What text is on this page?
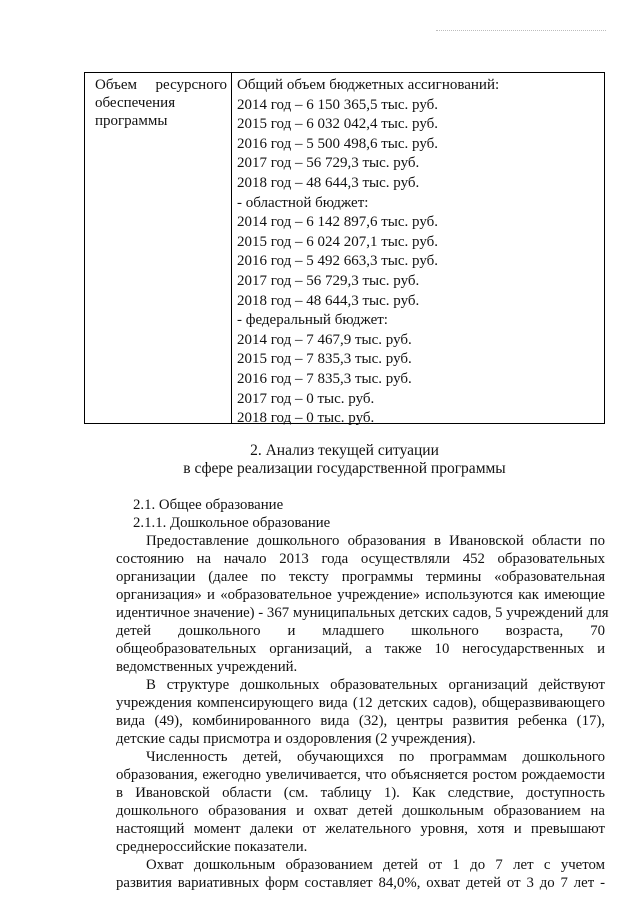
Объем ресурсного
обеспечения
программы
Общий объем бюджетных ассигнований:
2014 год – 6 150 365,5 тыс. руб.
2015 год – 6 032 042,4 тыс. руб.
2016 год – 5 500 498,6 тыс. руб.
2017 год – 56 729,3 тыс. руб.
2018 год – 48 644,3 тыс. руб.
- областной бюджет:
2014 год – 6 142 897,6 тыс. руб.
2015 год – 6 024 207,1 тыс. руб.
2016 год – 5 492 663,3 тыс. руб.
2017 год – 56 729,3 тыс. руб.
2018 год – 48 644,3 тыс. руб.
- федеральный бюджет:
2014 год – 7 467,9 тыс. руб.
2015 год – 7 835,3 тыс. руб.
2016 год – 7 835,3 тыс. руб.
2017 год – 0 тыс. руб.
2018 год – 0 тыс. руб.
2. Анализ текущей ситуации
в сфере реализации государственной программы
2.1. Общее образование
2.1.1. Дошкольное образование
Предоставление дошкольного образования в Ивановской области по
состоянию на начало 2013 года осуществляли 452 образовательных
организации (далее по тексту программы термины «образовательная
организация» и «образовательное учреждение» используются как имеющие
идентичное значение) - 367 муниципальных детских садов, 5 учреждений для
детей дошкольного и младшего школьного возраста, 70
общеобразовательных организаций, а также 10 негосударственных и
ведомственных учреждений.
В структуре дошкольных образовательных организаций действуют
учреждения компенсирующего вида (12 детских садов), общеразвивающего
вида (49), комбинированного вида (32), центры развития ребенка (17),
детские сады присмотра и оздоровления (2 учреждения).
Численность детей, обучающихся по программам дошкольного
образования, ежегодно увеличивается, что объясняется ростом рождаемости
в Ивановской области (см. таблицу 1). Как следствие, доступность
дошкольного образования и охват детей дошкольным образованием на
настоящий момент далеки от желательного уровня, хотя и превышают
среднероссийские показатели.
Охват дошкольным образованием детей от 1 до 7 лет с учетом
развития вариативных форм составляет 84,0%, охват детей от 3 до 7 лет -
